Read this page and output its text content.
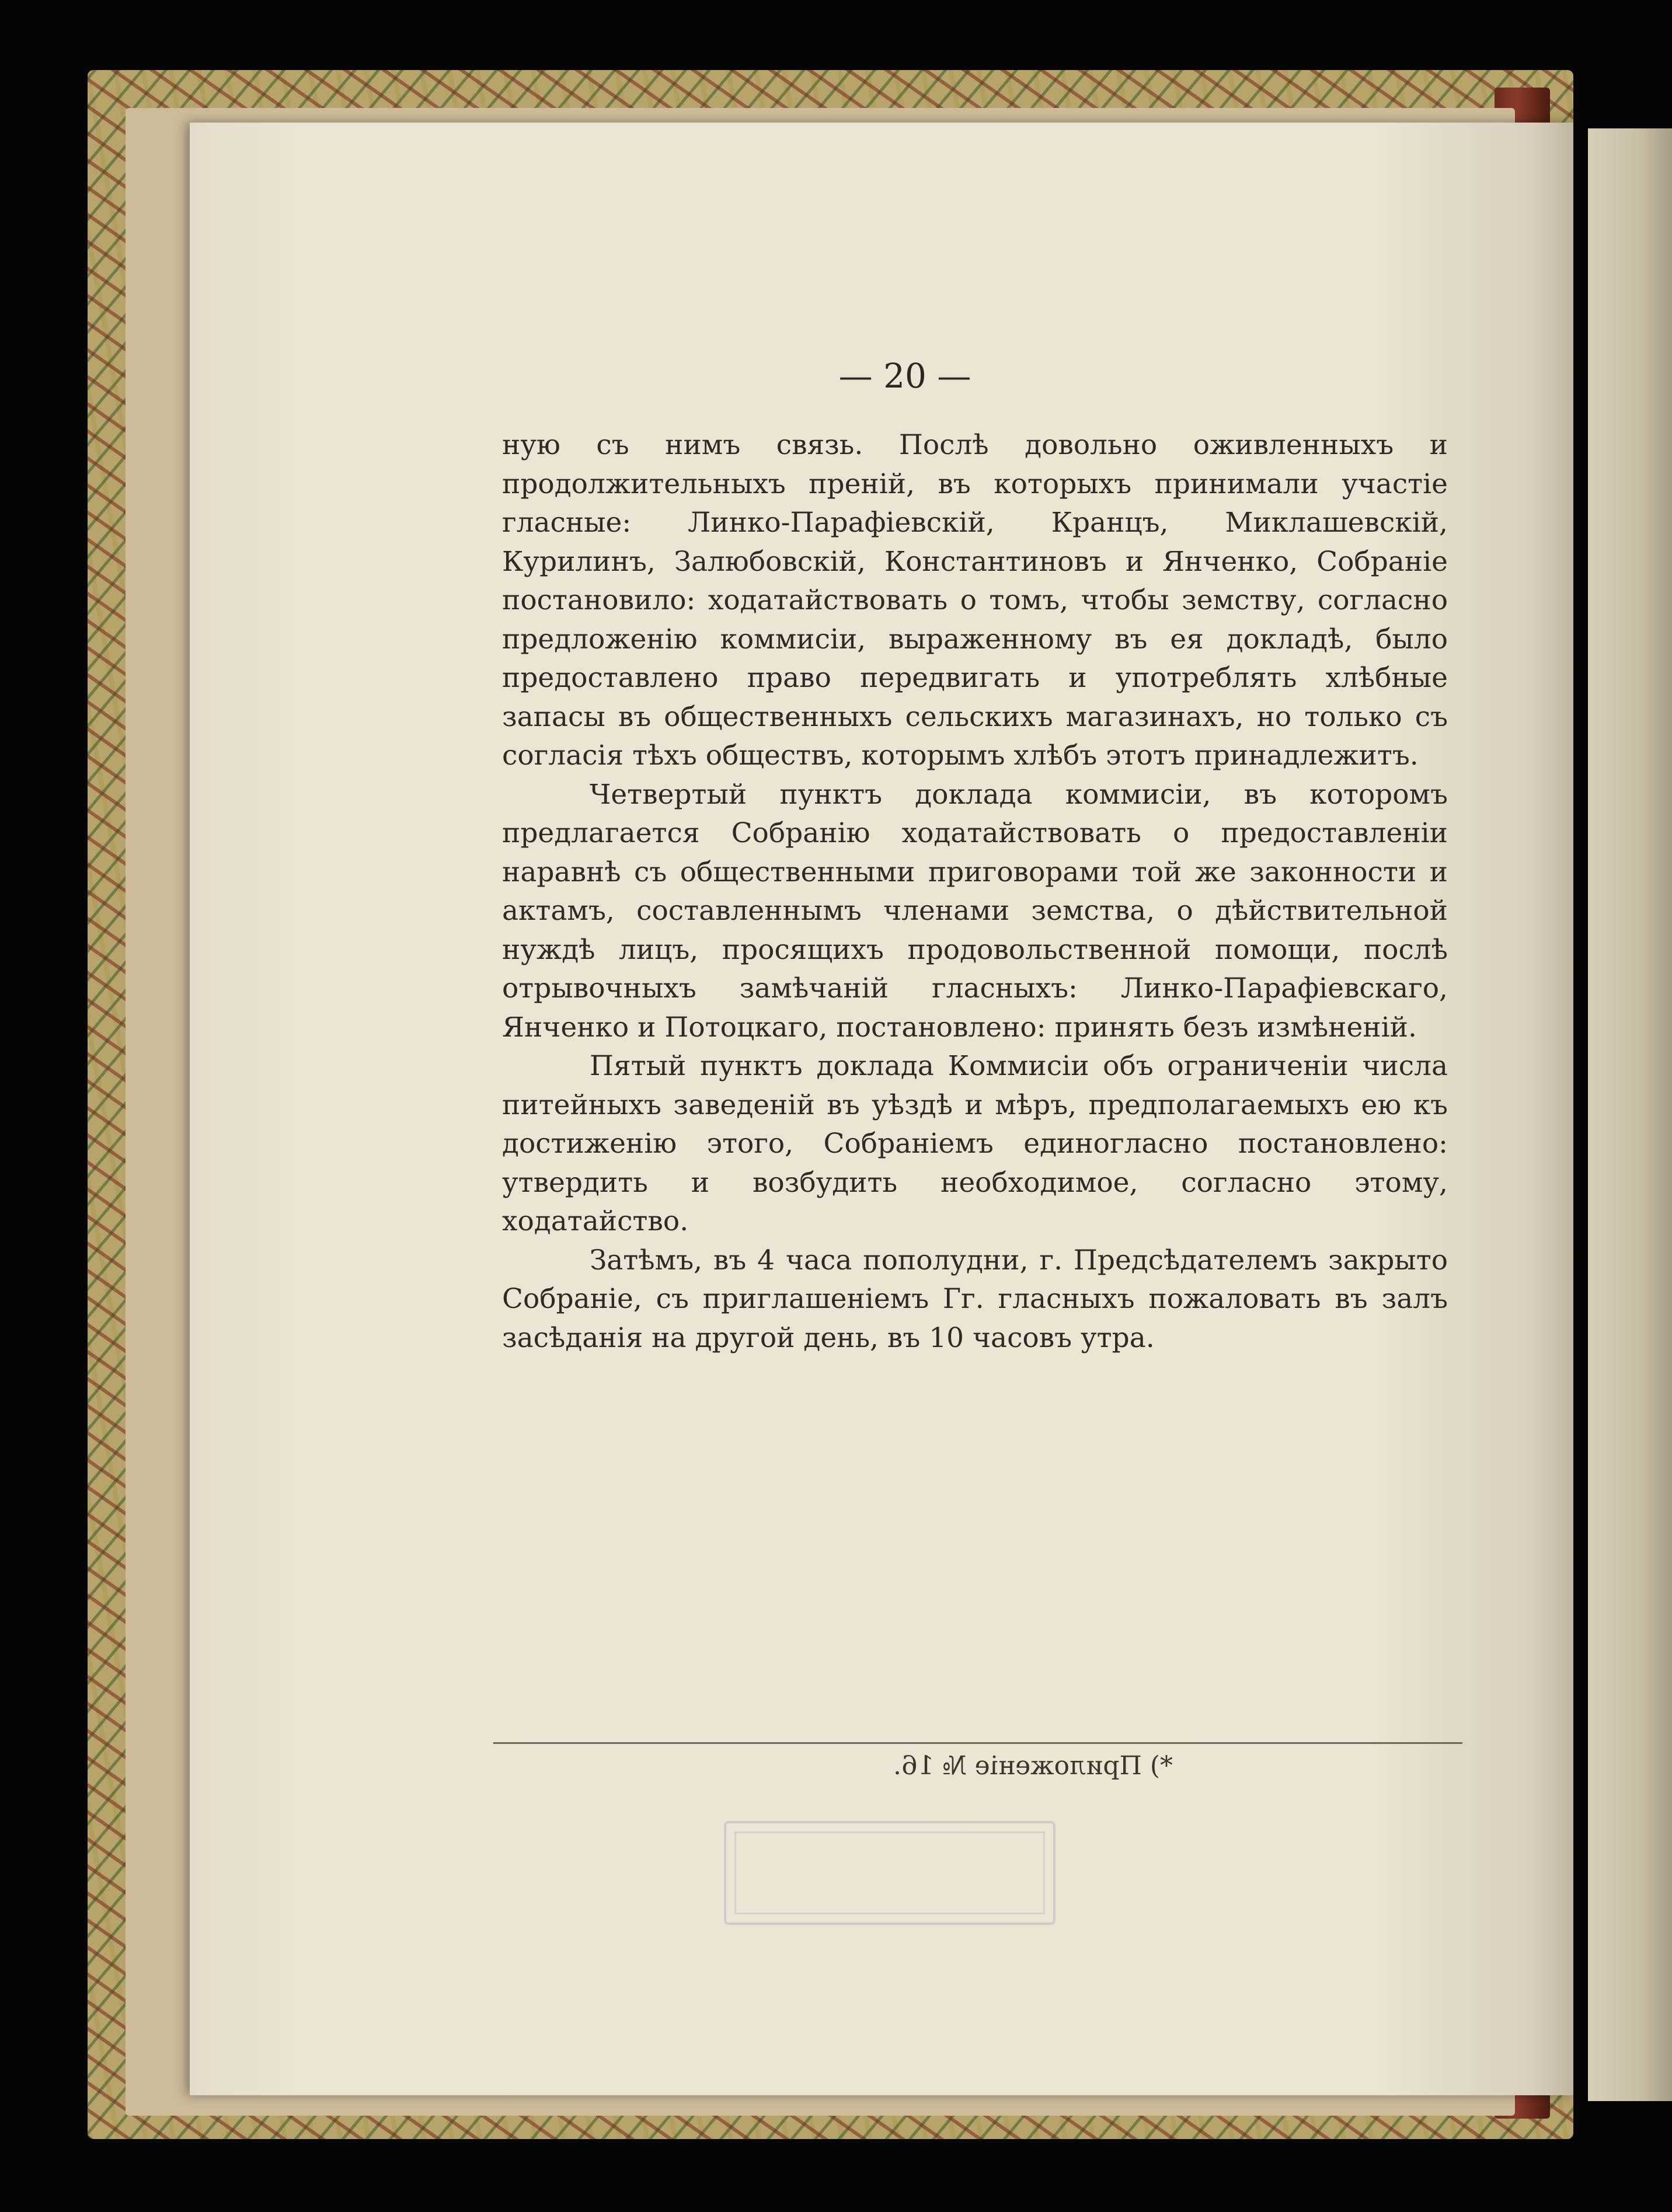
— 20 —

ную съ нимъ связь. Послѣ довольно оживленныхъ и продолжительныхъ преній, въ которыхъ принимали участіе гласные: Линко-Парафіевскій, Кранцъ, Миклашевскій, Курилинъ, Залюбовскій, Константиновъ и Янченко, Собраніе постановило: ходатайствовать о томъ, чтобы земству, согласно предложенію коммисіи, выраженному въ ея докладѣ, было предоставлено право передвигать и употреблять хлѣбные запасы въ общественныхъ сельскихъ магазинахъ, но только съ согласія тѣхъ обществъ, которымъ хлѣбъ этотъ принадлежитъ.

Четвертый пунктъ доклада коммисіи, въ которомъ предлагается Собранію ходатайствовать о предоставленіи наравнѣ съ общественными приговорами той же законности и актамъ, составленнымъ членами земства, о дѣйствительной нуждѣ лицъ, просящихъ продовольственной помощи, послѣ отрывочныхъ замѣчаній гласныхъ: Линко-Парафіевскаго, Янченко и Потоцкаго, постановлено: принять безъ измѣненій.

Пятый пунктъ доклада Коммисіи объ ограниченіи числа питейныхъ заведеній въ уѣздѣ и мѣръ, предполагаемыхъ ею къ достиженію этого, Собраніемъ единогласно постановлено: утвердить и возбудить необходимое, согласно этому, ходатайство.

Затѣмъ, въ 4 часа пополудни, г. Предсѣдателемъ закрыто Собраніе, съ приглашеніемъ Гг. гласныхъ пожаловать въ залъ засѣданія на другой день, въ 10 часовъ утра.

*) Приложеніе № 16.
